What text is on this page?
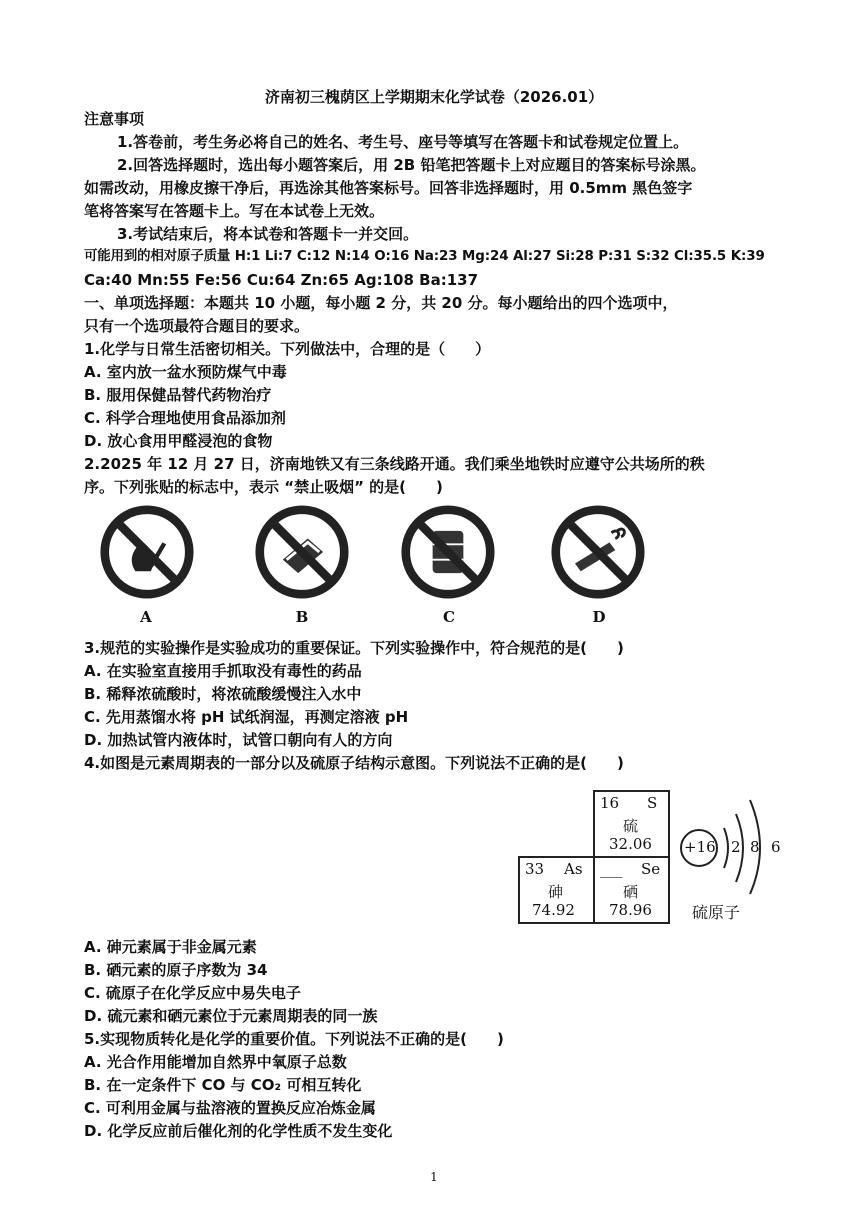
济南初三槐荫区上学期期末化学试卷（2026.01）
注意事项
1.答卷前，考生务必将自己的姓名、考生号、座号等填写在答题卡和试卷规定位置上。
2.回答选择题时，选出每小题答案后，用 2B 铅笔把答题卡上对应题目的答案标号涂黑。
如需改动，用橡皮擦干净后，再选涂其他答案标号。回答非选择题时，用 0.5mm 黑色签字
笔将答案写在答题卡上。写在本试卷上无效。
3.考试结束后，将本试卷和答题卡一并交回。
可能用到的相对原子质量 H:1 Li:7 C:12 N:14 O:16 Na:23 Mg:24 Al:27 Si:28 P:31 S:32 Cl:35.5 K:39
Ca:40 Mn:55 Fe:56 Cu:64 Zn:65 Ag:108 Ba:137
一、单项选择题：本题共 10 小题，每小题 2 分，共 20 分。每小题给出的四个选项中，
只有一个选项最符合题目的要求。
1.化学与日常生活密切相关。下列做法中，合理的是（　　）
A. 室内放一盆水预防煤气中毒
B. 服用保健品替代药物治疗
C. 科学合理地使用食品添加剂
D. 放心食用甲醛浸泡的食物
2.2025 年 12 月 27 日，济南地铁又有三条线路开通。我们乘坐地铁时应遵守公共场所的秩
序。下列张贴的标志中，表示 “禁止吸烟” 的是(　　)
A	B	C	D
3.规范的实验操作是实验成功的重要保证。下列实验操作中，符合规范的是(　　)
A. 在实验室直接用手抓取没有毒性的药品
B. 稀释浓硫酸时，将浓硫酸缓慢注入水中
C. 先用蒸馏水将 pH 试纸润湿，再测定溶液 pH
D. 加热试管内液体时，试管口朝向有人的方向
4.如图是元素周期表的一部分以及硫原子结构示意图。下列说法不正确的是(　　)
16 S
硫
32.06
33 As
砷
74.92
___ Se
硒
78.96
+16 2 8 6
硫原子
A. 砷元素属于非金属元素
B. 硒元素的原子序数为 34
C. 硫原子在化学反应中易失电子
D. 硫元素和硒元素位于元素周期表的同一族
5.实现物质转化是化学的重要价值。下列说法不正确的是(　　)
A. 光合作用能增加自然界中氧原子总数
B. 在一定条件下 CO 与 CO₂ 可相互转化
C. 可利用金属与盐溶液的置换反应冶炼金属
D. 化学反应前后催化剂的化学性质不发生变化
1
